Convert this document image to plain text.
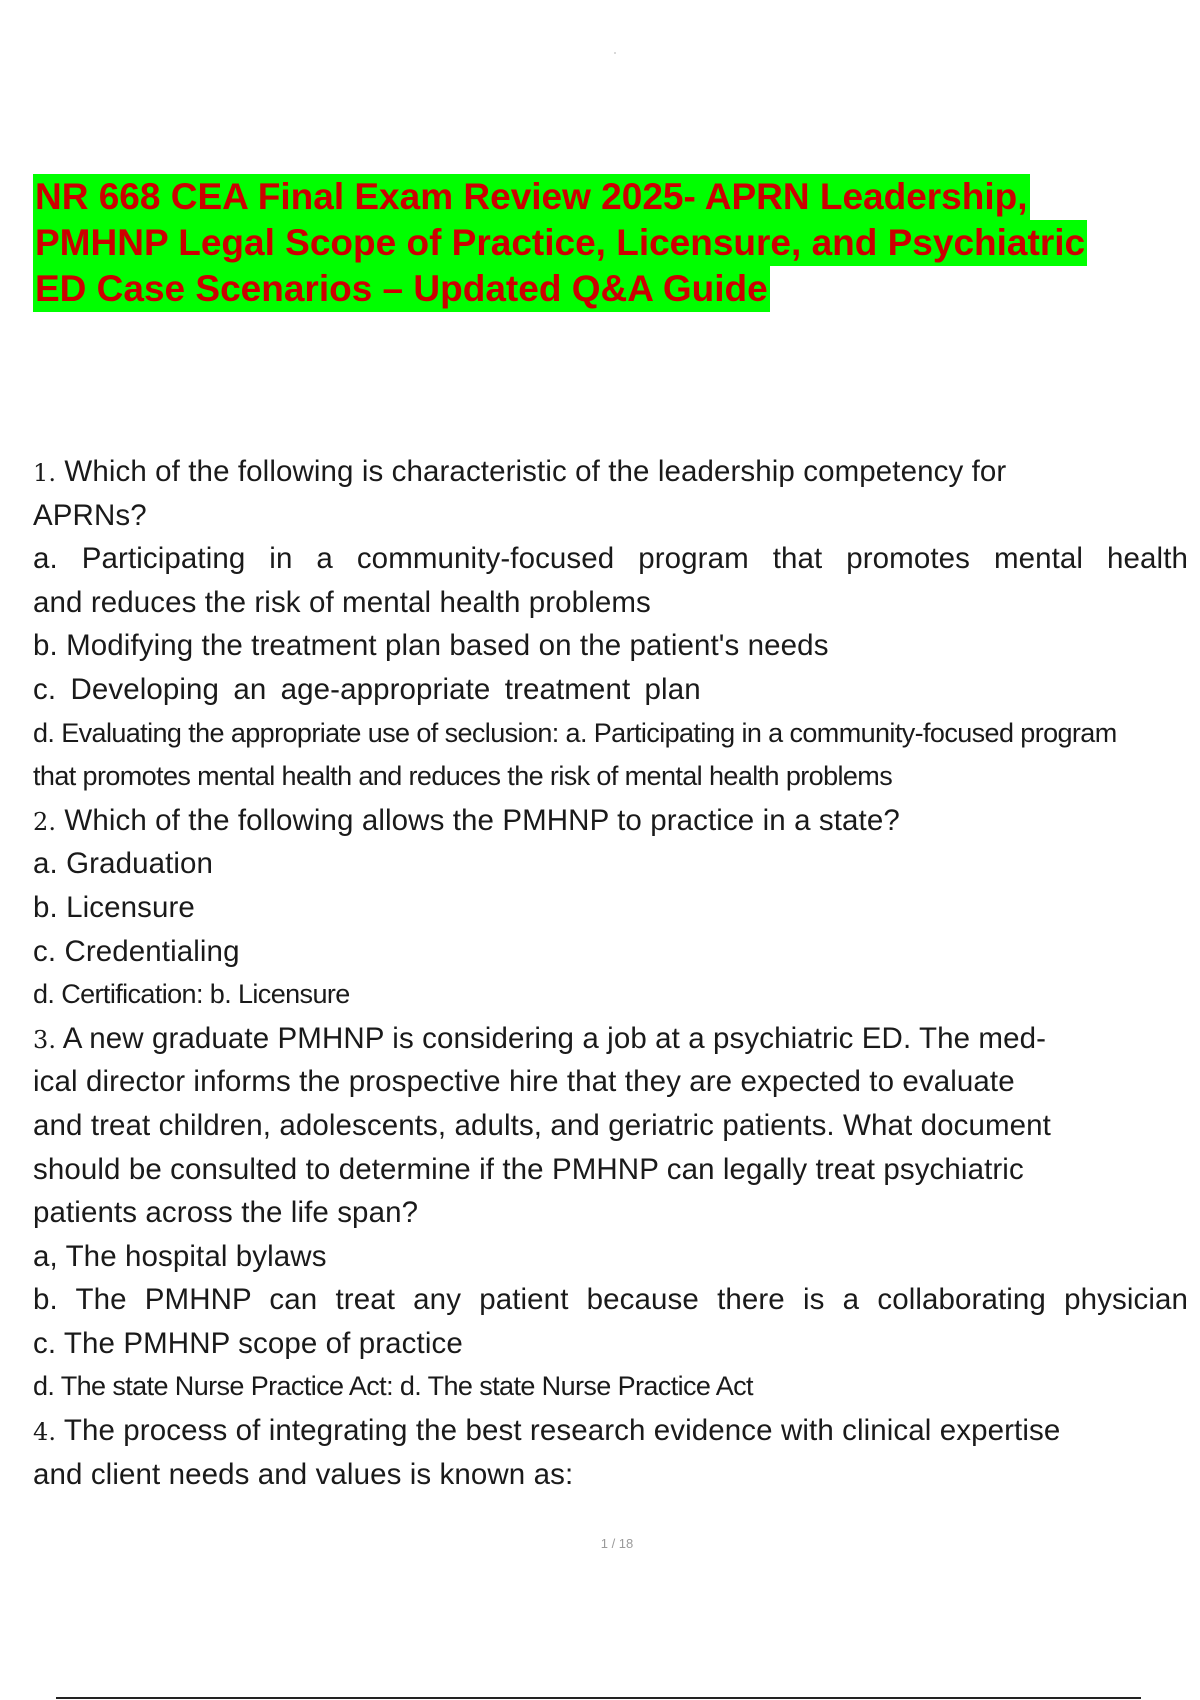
NR 668 CEA Final Exam Review 2025- APRN Leadership,
PMHNP Legal Scope of Practice, Licensure, and Psychiatric
ED Case Scenarios – Updated Q&A Guide
1. Which of the following is characteristic of the leadership competency for
APRNs?
a. Participating in a community-focused program that promotes mental health
and reduces the risk of mental health problems
b. Modifying the treatment plan based on the patient's needs
c. Developing an age-appropriate treatment plan
d. Evaluating the appropriate use of seclusion: a. Participating in a community-focused program
that promotes mental health and reduces the risk of mental health problems
2. Which of the following allows the PMHNP to practice in a state?
a. Graduation
b. Licensure
c. Credentialing
d. Certification: b. Licensure
3. A new graduate PMHNP is considering a job at a psychiatric ED. The med-
ical director informs the prospective hire that they are expected to evaluate
and treat children, adolescents, adults, and geriatric patients. What document
should be consulted to determine if the PMHNP can legally treat psychiatric
patients across the life span?
a, The hospital bylaws
b. The PMHNP can treat any patient because there is a collaborating physician
c. The PMHNP scope of practice
d. The state Nurse Practice Act: d. The state Nurse Practice Act
4. The process of integrating the best research evidence with clinical expertise
and client needs and values is known as:
1 / 18
